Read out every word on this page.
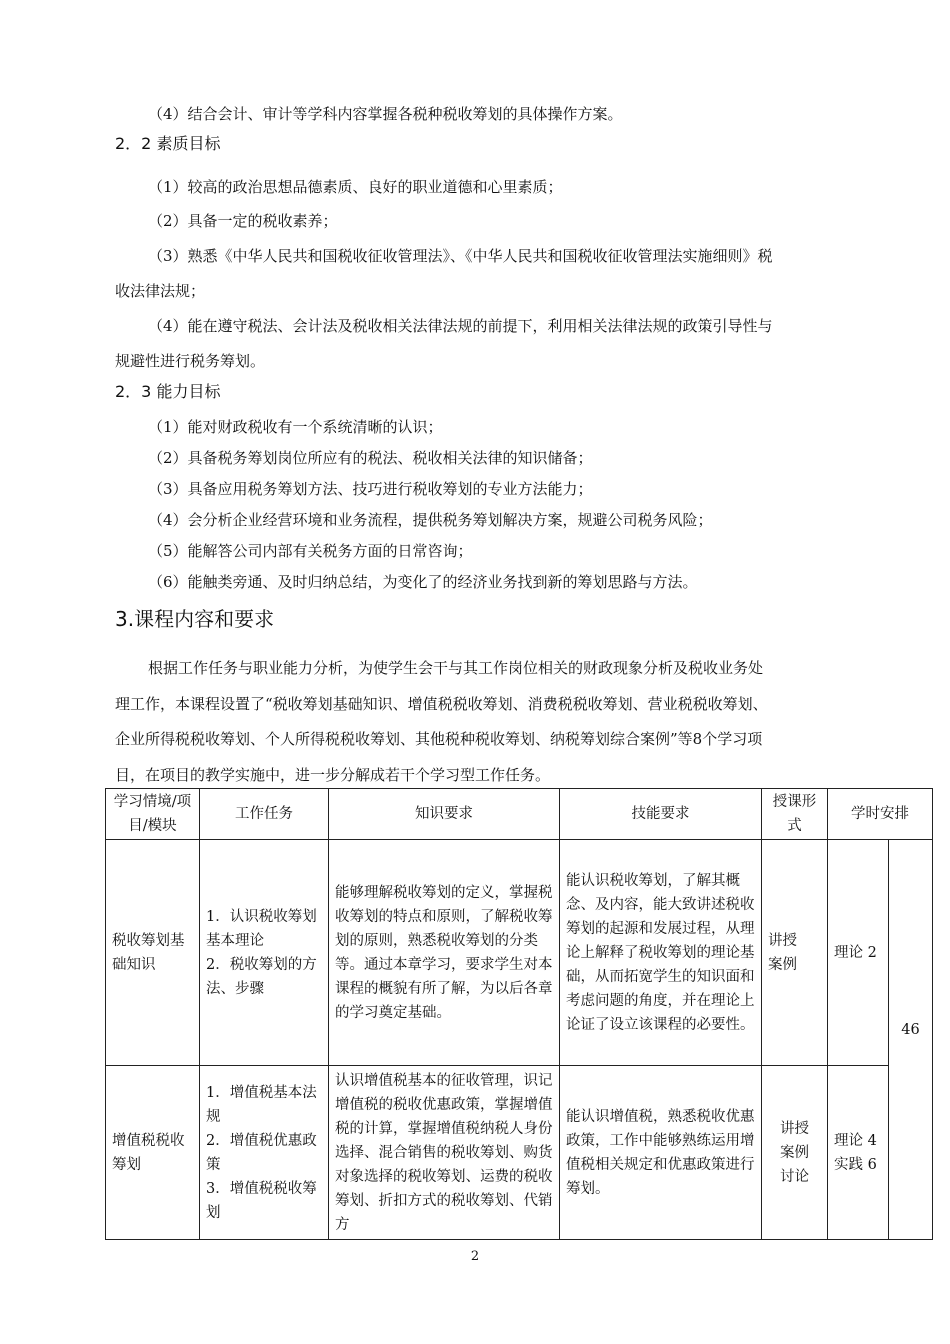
（4）结合会计、审计等学科内容掌握各税种税收筹划的具体操作方案。
2．2 素质目标
（1）较高的政治思想品德素质、良好的职业道德和心里素质；
（2）具备一定的税收素养；
（3）熟悉《中华人民共和国税收征收管理法》、《中华人民共和国税收征收管理法实施细则》税
收法律法规；
（4）能在遵守税法、会计法及税收相关法律法规的前提下，利用相关法律法规的政策引导性与
规避性进行税务筹划。
2．3 能力目标
（1）能对财政税收有一个系统清晰的认识；
（2）具备税务筹划岗位所应有的税法、税收相关法律的知识储备；
（3）具备应用税务筹划方法、技巧进行税收筹划的专业方法能力；
（4）会分析企业经营环境和业务流程，提供税务筹划解决方案，规避公司税务风险；
（5）能解答公司内部有关税务方面的日常咨询；
（6）能触类旁通、及时归纳总结，为变化了的经济业务找到新的筹划思路与方法。
3.课程内容和要求
根据工作任务与职业能力分析，为使学生会干与其工作岗位相关的财政现象分析及税收业务处
理工作，本课程设置了“税收筹划基础知识、增值税税收筹划、消费税税收筹划、营业税税收筹划、
企业所得税税收筹划、个人所得税税收筹划、其他税种税收筹划、纳税筹划综合案例”等8个学习项
目，在项目的教学实施中，进一步分解成若干个学习型工作任务。
学习情境/项目/模块	工作任务	知识要求	技能要求	授课形式	学时安排	
税收筹划基础知识	1．认识税收筹划基本理论
2．税收筹划的方法、步骤	能够理解税收筹划的定义，掌握税收筹划的特点和原则，了解税收筹划的原则，熟悉税收筹划的分类等。通过本章学习，要求学生对本课程的概貌有所了解，为以后各章的学习奠定基础。	能认识税收筹划，了解其概念、及内容，能大致讲述税收筹划的起源和发展过程，从理论上解释了税收筹划的理论基础，从而拓宽学生的知识面和考虑问题的角度，并在理论上论证了设立该课程的必要性。	讲授
案例	理论 2	46
增值税税收筹划	1．增值税基本法规
2．增值税优惠政策
3．增值税税收筹划	认识增值税基本的征收管理，识记增值税的税收优惠政策，掌握增值税的计算，掌握增值税纳税人身份选择、混合销售的税收筹划、购货对象选择的税收筹划、运费的税收筹划、折扣方式的税收筹划、代销方	能认识增值税，熟悉税收优惠政策，工作中能够熟练运用增值税相关规定和优惠政策进行筹划。	讲授
案例
讨论	理论 4
实践 6	
2
